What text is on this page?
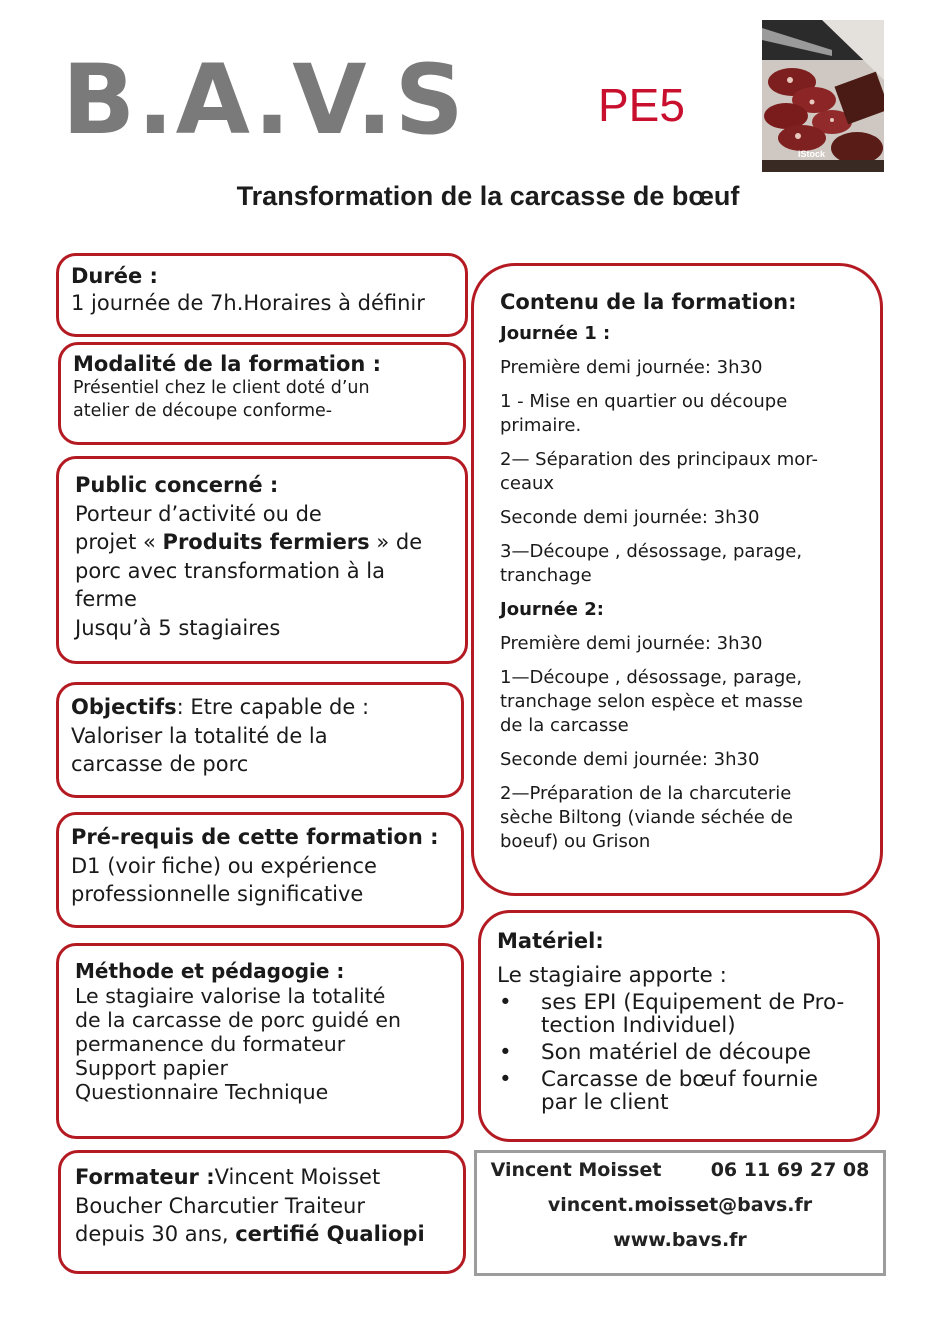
B.A.V.S	PE5
iStock
Transformation de la carcasse de bœuf
Durée :
1 journée de 7h.Horaires à définir
Modalité de la formation :
Présentiel chez le client doté d’un
atelier de découpe conforme-
Public concerné :
Porteur d’activité ou de
projet « Produits fermiers » de
porc avec transformation à la
ferme
Jusqu’à 5 stagiaires
Objectifs: Etre capable de :
Valoriser la totalité de la
carcasse de porc
Pré-requis de cette formation :
D1 (voir fiche) ou expérience
professionnelle significative
Méthode et pédagogie :
Le stagiaire valorise la totalité
de la carcasse de porc guidé en
permanence du formateur
Support papier
Questionnaire Technique
Formateur :Vincent Moisset
Boucher Charcutier Traiteur
depuis 30 ans, certifié Qualiopi
Contenu de la formation:
Journée 1 :
Première demi journée: 3h30
1 - Mise en quartier ou découpe
primaire.
2— Séparation des principaux mor-
ceaux
Seconde demi journée: 3h30
3—Découpe , désossage, parage,
tranchage
Journée 2:
Première demi journée: 3h30
1—Découpe , désossage, parage,
tranchage selon espèce et masse
de la carcasse
Seconde demi journée: 3h30
2—Préparation de la charcuterie
sèche Biltong (viande séchée de
boeuf) ou Grison
Matériel:
Le stagiaire apporte :
• ses EPI (Equipement de Pro-
tection Individuel)
• Son matériel de découpe
• Carcasse de bœuf fournie
par le client
Vincent Moisset	06 11 69 27 08
vincent.moisset@bavs.fr
www.bavs.fr
